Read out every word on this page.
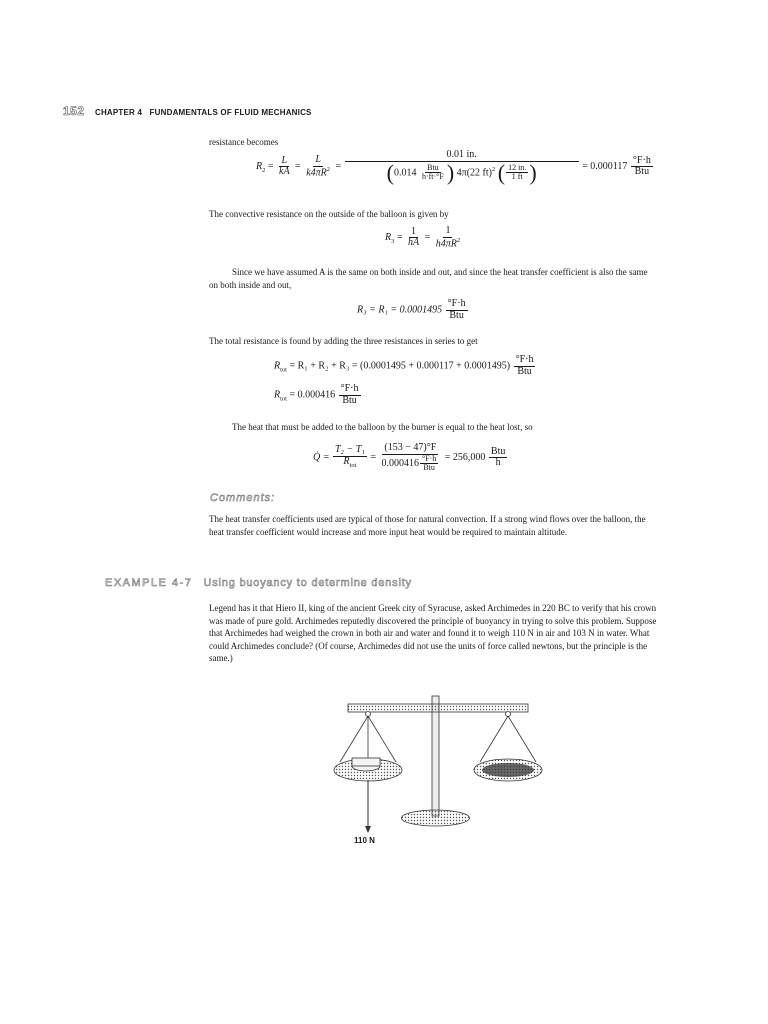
152 CHAPTER 4 FUNDAMENTALS OF FLUID MECHANICS
resistance becomes
$R_2 = \frac{L}{kA} = \frac{L}{k4\pi R^2} = \frac{0.01 in.}{(0.014 \frac{\text{Btu}}{h\cdot ft\cdot^\circ F} ) 4\pi(22 ft)^2 ( \frac{12 in.}{1 ft} )} = 0.000117 \frac{^\circ F\cdot h}{\text{Btu}}$
The convective resistance on the outside of the balloon is given by
$R_3 = \frac{1}{hA} = \frac{1}{h4\pi R^2}$
Since we have assumed A is the same on both inside and out, and since the heat transfer coefficient is also the same on both inside and out,
$R_3 = R_1 = 0.0001495 \frac{^\circ F\cdot h}{\text{Btu}}$
The total resistance is found by adding the three resistances in series to get
$R_{tot} = R_1 + R_2 + R_3 = (0.0001495 + 0.000117 + 0.0001495) \frac{^\circ F\cdot h}{\text{Btu}}$
$R_{tot} = 0.000416 \frac{^\circ F\cdot h}{\text{Btu}}$
The heat that must be added to the balloon by the burner is equal to the heat lost, so
Q̇ = $\frac{\text{T₂ − T₁}}{R_{tot}} = \frac{(153 - 47)^\circ F}{0.000416 \frac{^\circ F\cdot h}{\text{Btu}}} = 256,000 \frac{\text{Btu}}{h}$
Comments:
The heat transfer coefficients used are typical of those for natural convection. If a strong wind flows over the balloon, the heat transfer coefficient would increase and more input heat would be required to maintain altitude.
EXAMPLE 4-7 Using buoyancy to determine density
Legend has it that Hiero II, king of the ancient Greek city of Syracuse, asked Archimedes in 220 BC to verify that his crown was made of pure gold. Archimedes reputedly discovered the principle of buoyancy in trying to solve this problem. Suppose that Archimedes had weighed the crown in both air and water and found it to weigh 110 N in air and 103 N in water. What could Archimedes conclude? (Of course, Archimedes did not use the units of force called newtons, but the principle is the same.)
110 N
